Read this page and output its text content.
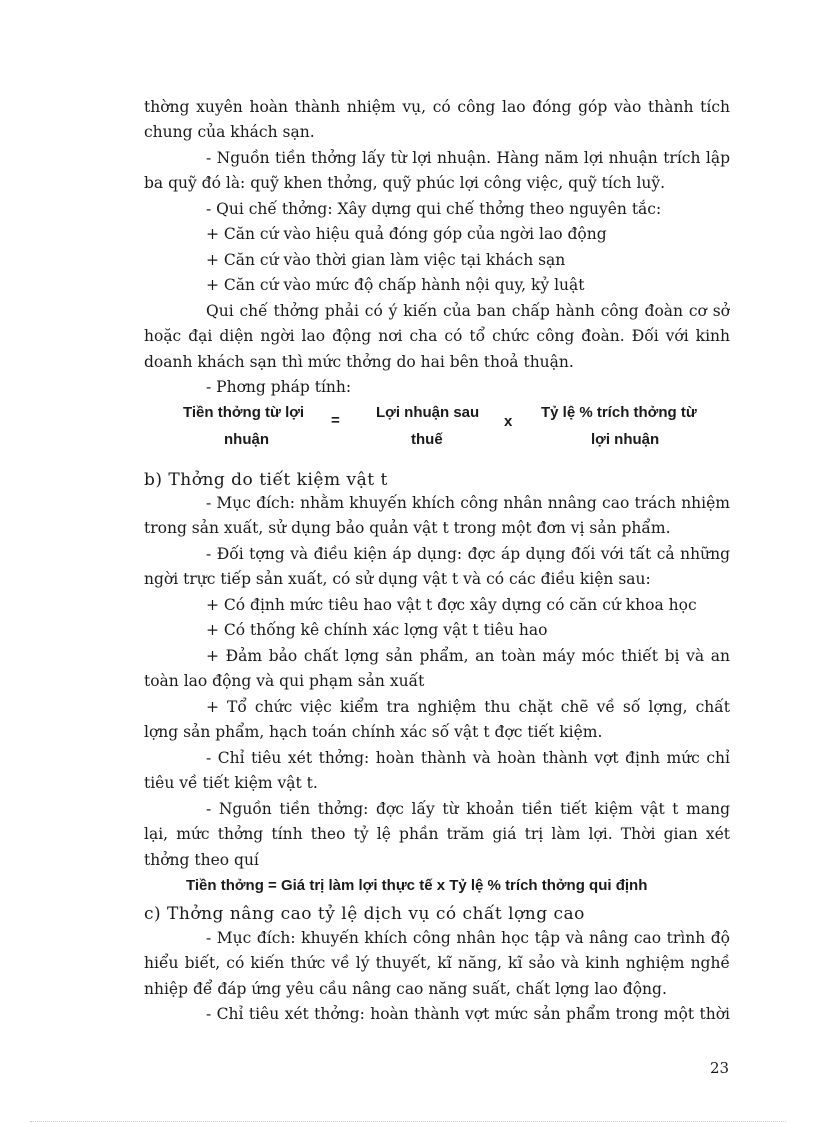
thờng xuyên hoàn thành nhiệm vụ, có công lao đóng góp vào thành tích
chung của khách sạn.
- Nguồn tiền thởng lấy từ lợi nhuận. Hàng năm lợi nhuận trích lập
ba quỹ đó là: quỹ khen thởng, quỹ phúc lợi công việc, quỹ tích luỹ.
- Qui chế thởng: Xây dựng qui chế thởng theo nguyên tắc:
+ Căn cứ vào hiệu quả đóng góp của ngời lao động
+ Căn cứ vào thời gian làm việc tại khách sạn
+ Căn cứ vào mức độ chấp hành nội quy, kỷ luật
Qui chế thởng phải có ý kiến của ban chấp hành công đoàn cơ sở
hoặc đại diện ngời lao động nơi cha có tổ chức công đoàn. Đối với kinh
doanh khách sạn thì mức thởng do hai bên thoả thuận.
- Phơng pháp tính:
Tiền thởng từ lợi
nhuận
= Lợi nhuận sau
thuế
x
Tỷ lệ % trích thởng từ
lợi nhuận
b) Thởng do tiết kiệm vật t
- Mục đích: nhằm khuyến khích công nhân nnâng cao trách nhiệm
trong sản xuất, sử dụng bảo quản vật t trong một đơn vị sản phẩm.
- Đối tợng và điều kiện áp dụng: đợc áp dụng đối với tất cả những
ngời trực tiếp sản xuất, có sử dụng vật t và có các điều kiện sau:
+ Có định mức tiêu hao vật t đợc xây dựng có căn cứ khoa học
+ Có thống kê chính xác lợng vật t tiêu hao
+ Đảm bảo chất lợng sản phẩm, an toàn máy móc thiết bị và an
toàn lao động và qui phạm sản xuất
+ Tổ chức việc kiểm tra nghiệm thu chặt chẽ về số lợng, chất
lợng sản phẩm, hạch toán chính xác số vật t đợc tiết kiệm.
- Chỉ tiêu xét thởng: hoàn thành và hoàn thành vợt định mức chỉ
tiêu về tiết kiệm vật t.
- Nguồn tiền thởng: đợc lấy từ khoản tiền tiết kiệm vật t mang
lại, mức thởng tính theo tỷ lệ phần trăm giá trị làm lợi. Thời gian xét
thởng theo quí
Tiền thởng = Giá trị làm lợi thực tế x Tỷ lệ % trích thởng qui định
c) Thởng nâng cao tỷ lệ dịch vụ có chất lợng cao
- Mục đích: khuyến khích công nhân học tập và nâng cao trình độ
hiểu biết, có kiến thức về lý thuyết, kĩ năng, kĩ sảo và kinh nghiệm nghề
nhiệp để đáp ứng yêu cầu nâng cao năng suất, chất lợng lao động.
- Chỉ tiêu xét thởng: hoàn thành vợt mức sản phẩm trong một thời
23
